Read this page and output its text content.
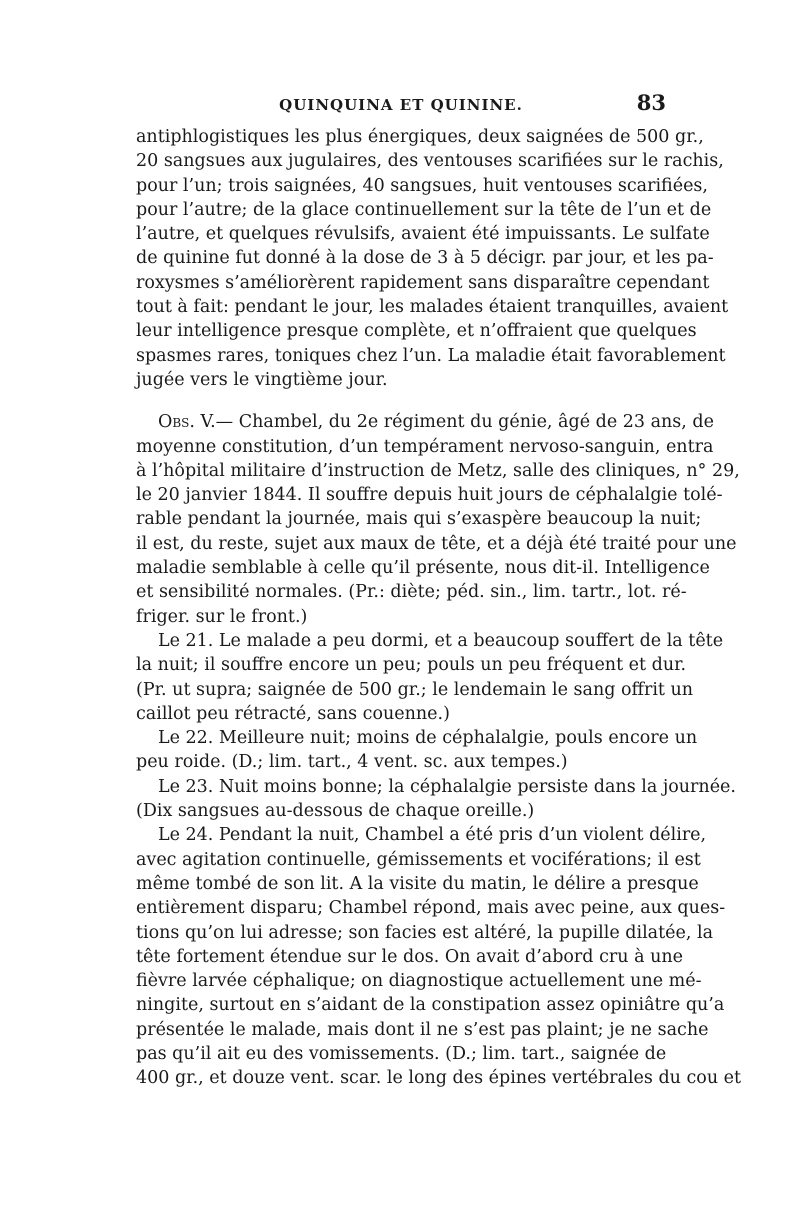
QUINQUINA ET QUININE.	83
antiphlogistiques les plus énergiques, deux saignées de 500 gr.,
20 sangsues aux jugulaires, des ventouses scarifiées sur le rachis,
pour l’un; trois saignées, 40 sangsues, huit ventouses scarifiées,
pour l’autre; de la glace continuellement sur la tête de l’un et de
l’autre, et quelques révulsifs, avaient été impuissants. Le sulfate
de quinine fut donné à la dose de 3 à 5 décigr. par jour, et les pa-
roxysmes s’améliorèrent rapidement sans disparaître cependant
tout à fait: pendant le jour, les malades étaient tranquilles, avaient
leur intelligence presque complète, et n’offraient que quelques
spasmes rares, toniques chez l’un. La maladie était favorablement
jugée vers le vingtième jour.
Obs. V.— Chambel, du 2e régiment du génie, âgé de 23 ans, de
moyenne constitution, d’un tempérament nervoso-sanguin, entra
à l’hôpital militaire d’instruction de Metz, salle des cliniques, n° 29,
le 20 janvier 1844. Il souffre depuis huit jours de céphalalgie tolé-
rable pendant la journée, mais qui s’exaspère beaucoup la nuit;
il est, du reste, sujet aux maux de tête, et a déjà été traité pour une
maladie semblable à celle qu’il présente, nous dit-il. Intelligence
et sensibilité normales. (Pr.: diète; péd. sin., lim. tartr., lot. ré-
friger. sur le front.)
Le 21. Le malade a peu dormi, et a beaucoup souffert de la tête
la nuit; il souffre encore un peu; pouls un peu fréquent et dur.
(Pr. ut supra; saignée de 500 gr.; le lendemain le sang offrit un
caillot peu rétracté, sans couenne.)
Le 22. Meilleure nuit; moins de céphalalgie, pouls encore un
peu roide. (D.; lim. tart., 4 vent. sc. aux tempes.)
Le 23. Nuit moins bonne; la céphalalgie persiste dans la journée.
(Dix sangsues au-dessous de chaque oreille.)
Le 24. Pendant la nuit, Chambel a été pris d’un violent délire,
avec agitation continuelle, gémissements et vociférations; il est
même tombé de son lit. A la visite du matin, le délire a presque
entièrement disparu; Chambel répond, mais avec peine, aux ques-
tions qu’on lui adresse; son facies est altéré, la pupille dilatée, la
tête fortement étendue sur le dos. On avait d’abord cru à une
fièvre larvée céphalique; on diagnostique actuellement une mé-
ningite, surtout en s’aidant de la constipation assez opiniâtre qu’a
présentée le malade, mais dont il ne s’est pas plaint; je ne sache
pas qu’il ait eu des vomissements. (D.; lim. tart., saignée de
400 gr., et douze vent. scar. le long des épines vertébrales du cou et
